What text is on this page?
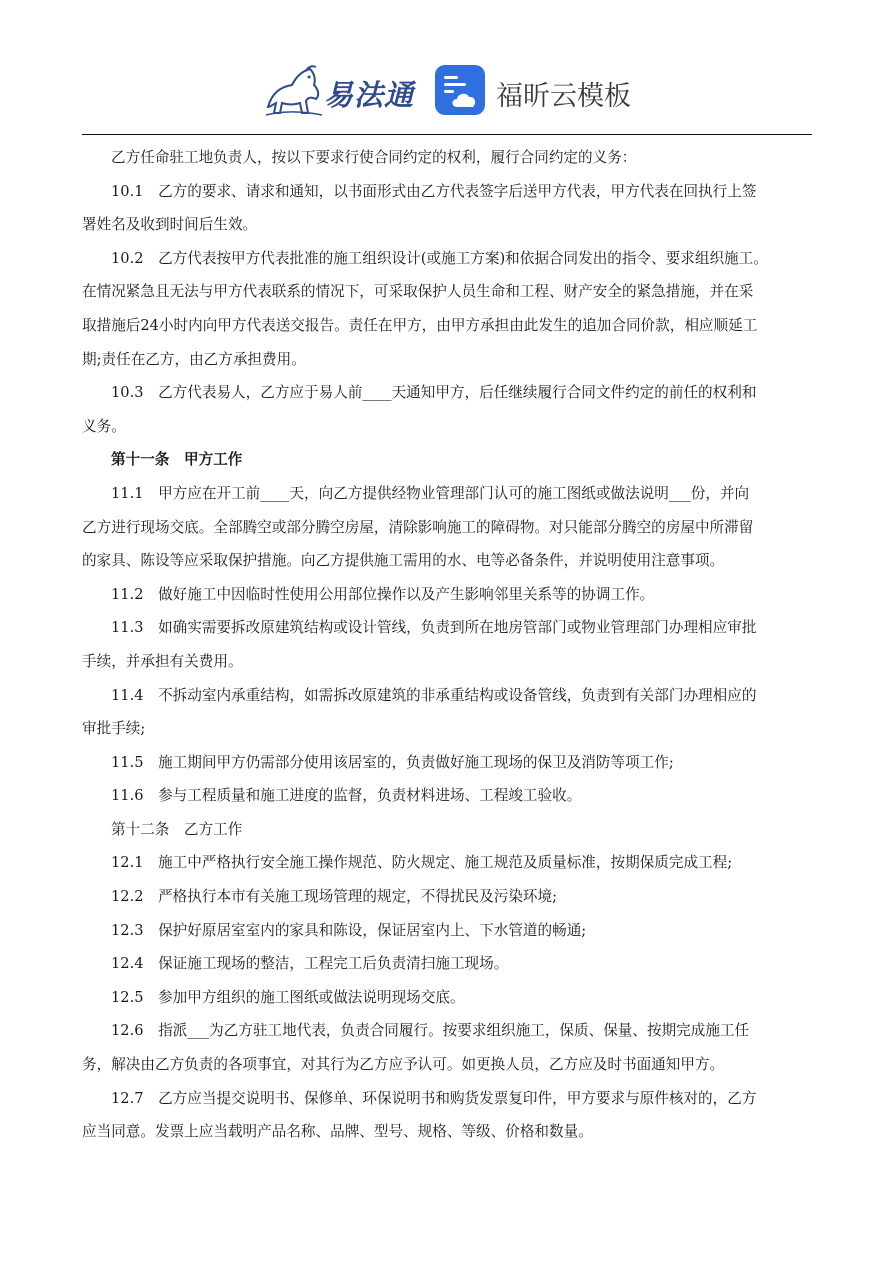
易法通	福昕云模板

乙方任命驻工地负责人，按以下要求行使合同约定的权利，履行合同约定的义务：

10.1　乙方的要求、请求和通知，以书面形式由乙方代表签字后送甲方代表，甲方代表在回执行上签

署姓名及收到时间后生效。

10.2　乙方代表按甲方代表批准的施工组织设计(或施工方案)和依据合同发出的指令、要求组织施工。

在情况紧急且无法与甲方代表联系的情况下，可采取保护人员生命和工程、财产安全的紧急措施，并在采

取措施后24小时内向甲方代表送交报告。责任在甲方，由甲方承担由此发生的追加合同价款，相应顺延工

期;责任在乙方，由乙方承担费用。

10.3　乙方代表易人，乙方应于易人前____天通知甲方，后任继续履行合同文件约定的前任的权利和

义务。

第十一条　甲方工作

11.1　甲方应在开工前____天，向乙方提供经物业管理部门认可的施工图纸或做法说明___份，并向

乙方进行现场交底。全部腾空或部分腾空房屋，清除影响施工的障碍物。对只能部分腾空的房屋中所滞留

的家具、陈设等应采取保护措施。向乙方提供施工需用的水、电等必备条件，并说明使用注意事项。

11.2　做好施工中因临时性使用公用部位操作以及产生影响邻里关系等的协调工作。

11.3　如确实需要拆改原建筑结构或设计管线，负责到所在地房管部门或物业管理部门办理相应审批

手续，并承担有关费用。

11.4　不拆动室内承重结构，如需拆改原建筑的非承重结构或设备管线，负责到有关部门办理相应的

审批手续;

11.5　施工期间甲方仍需部分使用该居室的，负责做好施工现场的保卫及消防等项工作;

11.6　参与工程质量和施工进度的监督，负责材料进场、工程竣工验收。

第十二条　乙方工作

12.1　施工中严格执行安全施工操作规范、防火规定、施工规范及质量标准，按期保质完成工程;

12.2　严格执行本市有关施工现场管理的规定，不得扰民及污染环境;

12.3　保护好原居室室内的家具和陈设，保证居室内上、下水管道的畅通;

12.4　保证施工现场的整洁，工程完工后负责清扫施工现场。

12.5　参加甲方组织的施工图纸或做法说明现场交底。

12.6　指派___为乙方驻工地代表，负责合同履行。按要求组织施工，保质、保量、按期完成施工任

务，解决由乙方负责的各项事宜，对其行为乙方应予认可。如更换人员，乙方应及时书面通知甲方。

12.7　乙方应当提交说明书、保修单、环保说明书和购货发票复印件，甲方要求与原件核对的，乙方

应当同意。发票上应当载明产品名称、品牌、型号、规格、等级、价格和数量。
